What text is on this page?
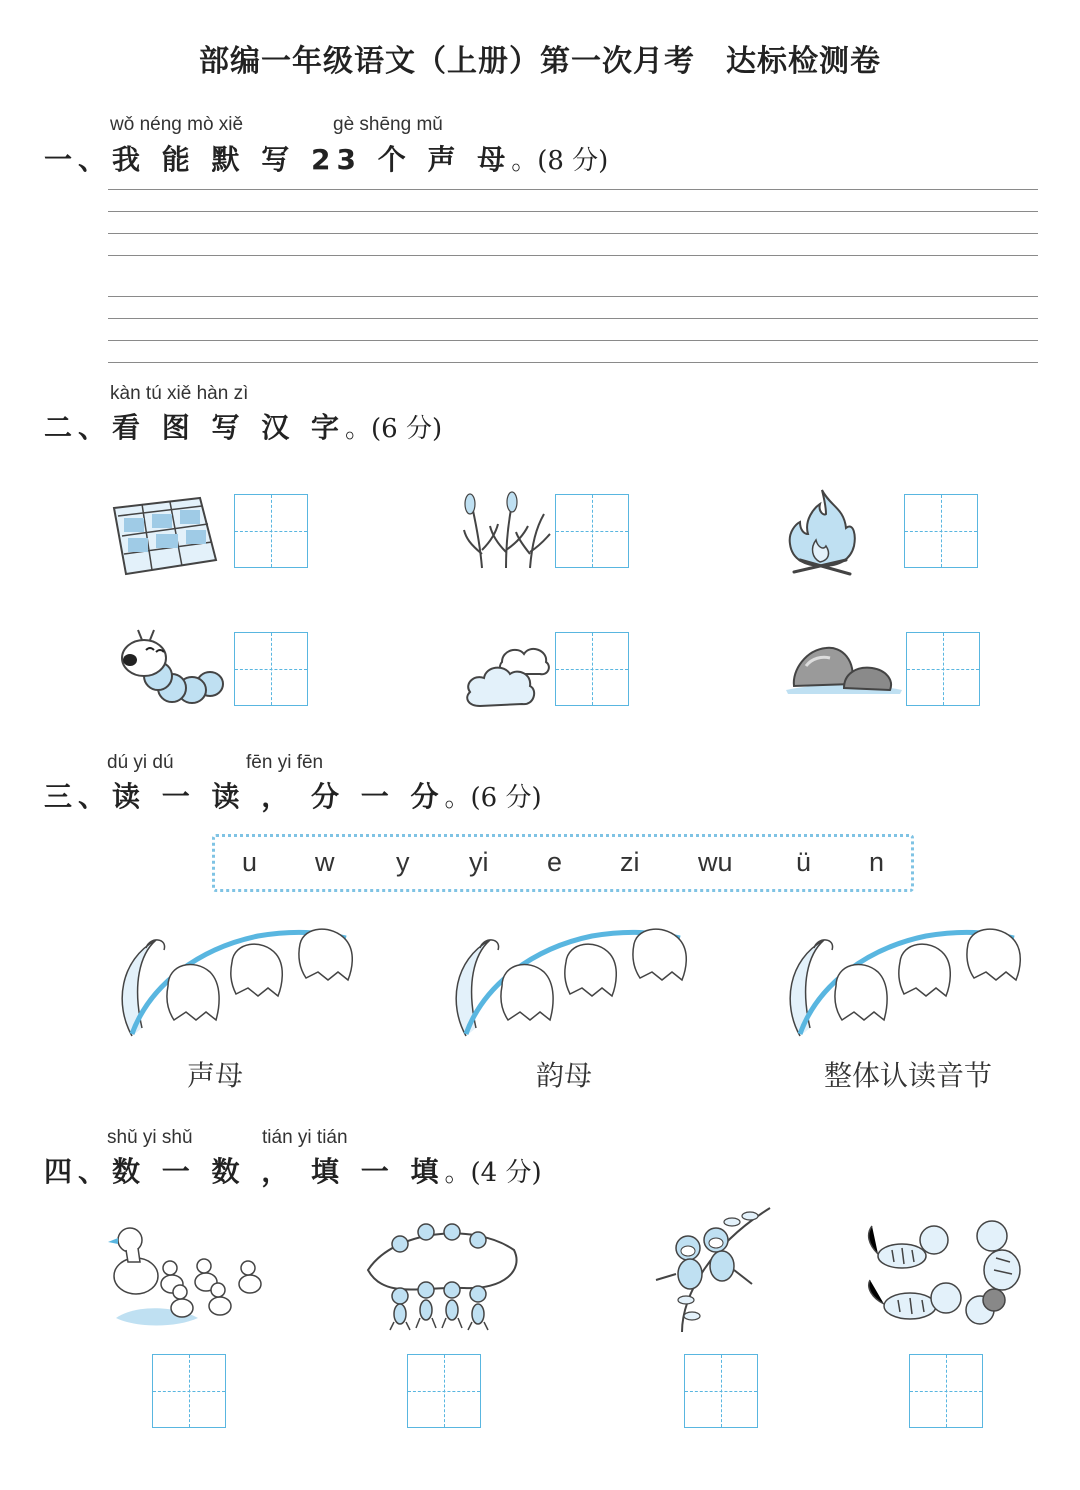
部编一年级语文（上册）第一次月考　达标检测卷
wǒ néng mò xiě	gè shēng mǔ
一、我 能 默 写 23 个 声 母。(8 分)
kàn tú xiě hàn zì
二、看 图 写 汉 字。(6 分)
dú yi dú	fēn yi fēn
三、读 一 读 ， 分 一 分。(6 分)
u w y yi e zi wu ü n
声母	韵母	整体认读音节
shǔ yi shǔ	tián yi tián
四、数 一 数 ， 填 一 填。(4 分)
